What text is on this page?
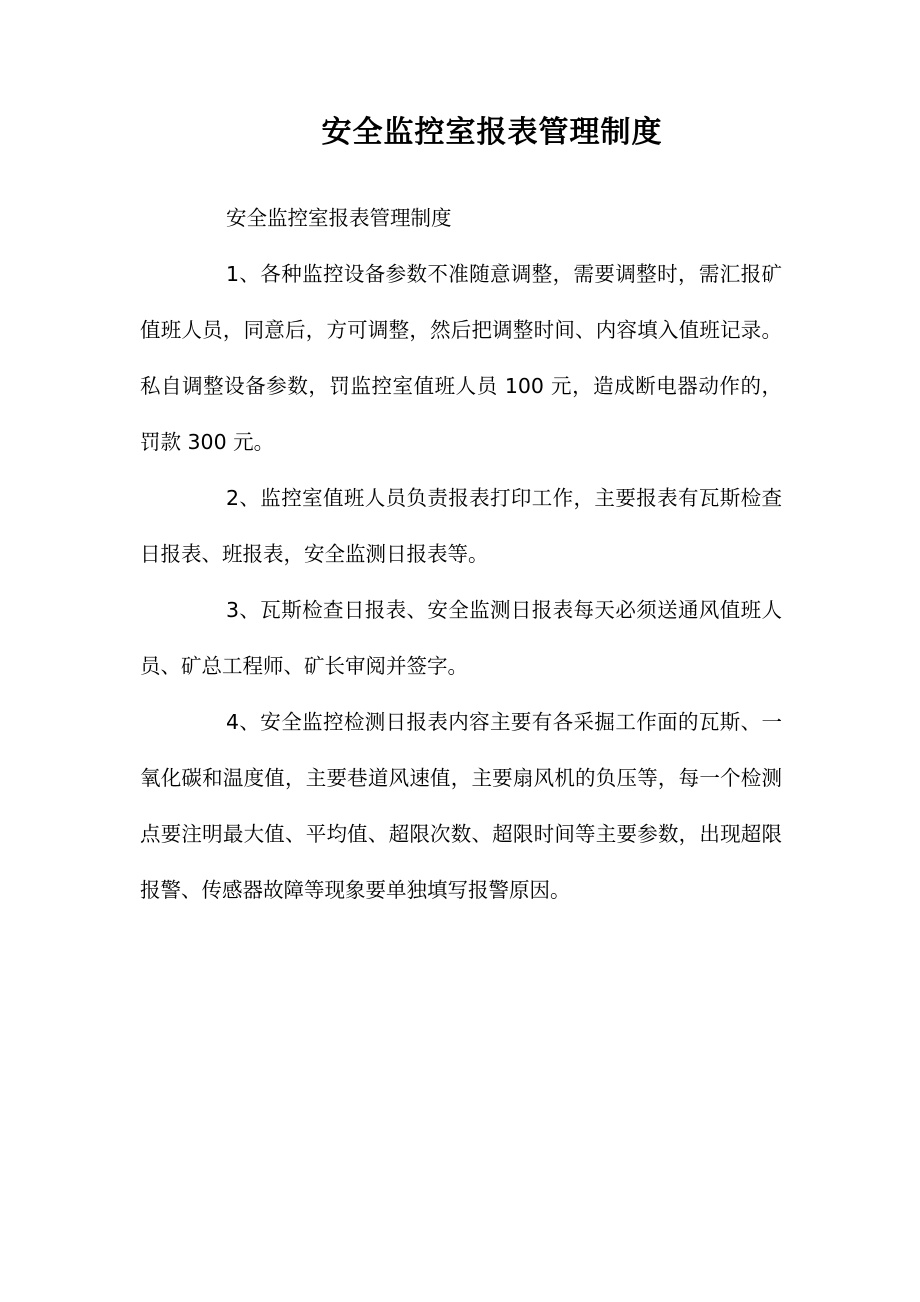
安全监控室报表管理制度

安全监控室报表管理制度

1、各种监控设备参数不准随意调整，需要调整时，需汇报矿值班人员，同意后，方可调整，然后把调整时间、内容填入值班记录。私自调整设备参数，罚监控室值班人员 100 元，造成断电器动作的，罚款 300 元。

2、监控室值班人员负责报表打印工作，主要报表有瓦斯检查日报表、班报表，安全监测日报表等。

3、瓦斯检查日报表、安全监测日报表每天必须送通风值班人员、矿总工程师、矿长审阅并签字。

4、安全监控检测日报表内容主要有各采掘工作面的瓦斯、一氧化碳和温度值，主要巷道风速值，主要扇风机的负压等，每一个检测点要注明最大值、平均值、超限次数、超限时间等主要参数，出现超限报警、传感器故障等现象要单独填写报警原因。
